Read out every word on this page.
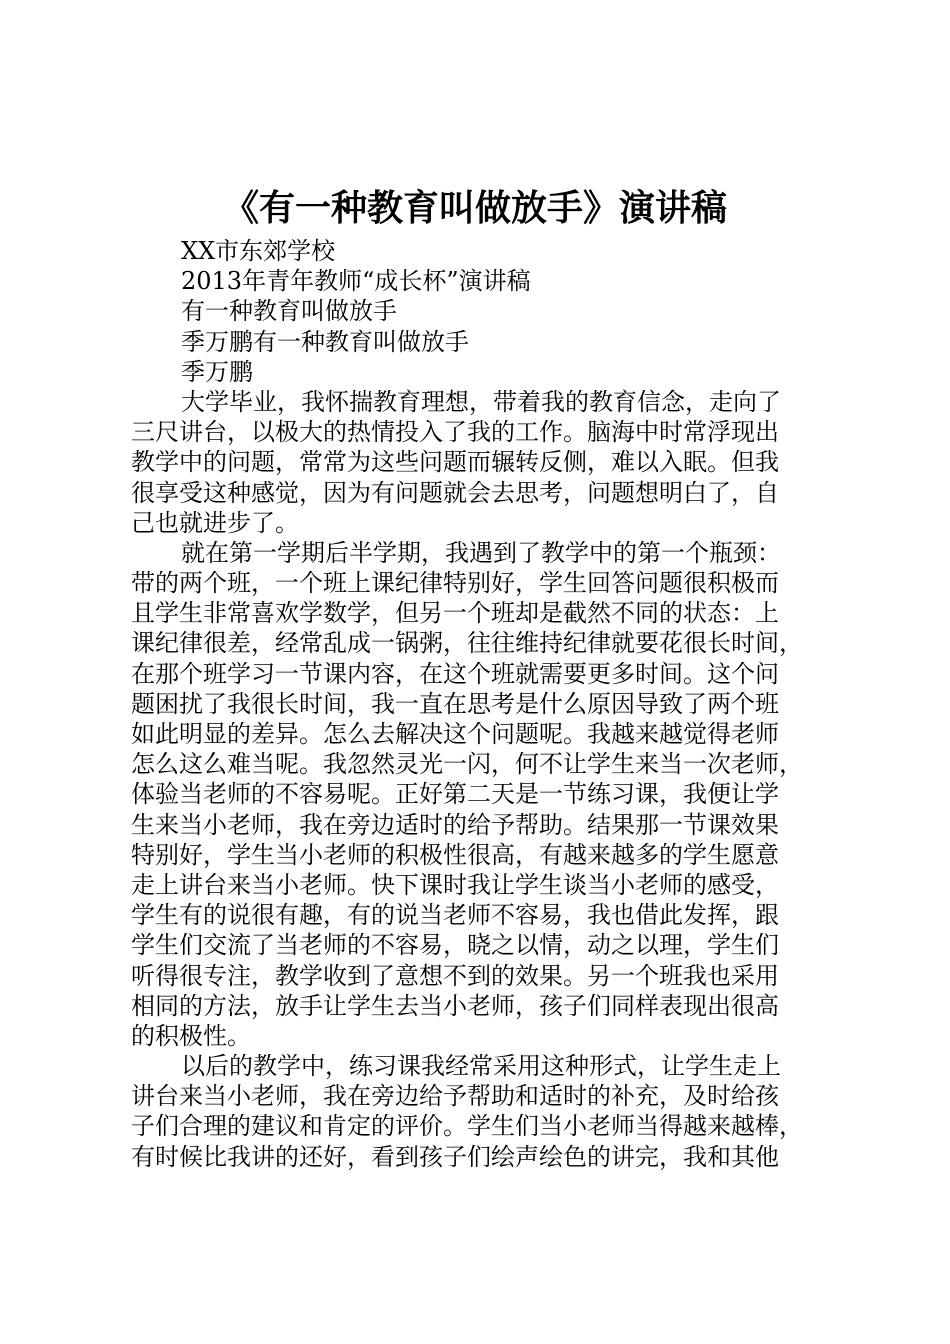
《有一种教育叫做放手》演讲稿
XX市东郊学校
2013年青年教师“成长杯”演讲稿
有一种教育叫做放手
季万鹏有一种教育叫做放手
季万鹏
大学毕业，我怀揣教育理想，带着我的教育信念，走向了
三尺讲台，以极大的热情投入了我的工作。脑海中时常浮现出
教学中的问题，常常为这些问题而辗转反侧，难以入眠。但我
很享受这种感觉，因为有问题就会去思考，问题想明白了，自
己也就进步了。
就在第一学期后半学期，我遇到了教学中的第一个瓶颈：
带的两个班，一个班上课纪律特别好，学生回答问题很积极而
且学生非常喜欢学数学，但另一个班却是截然不同的状态：上
课纪律很差，经常乱成一锅粥，往往维持纪律就要花很长时间，
在那个班学习一节课内容，在这个班就需要更多时间。这个问
题困扰了我很长时间，我一直在思考是什么原因导致了两个班
如此明显的差异。怎么去解决这个问题呢。我越来越觉得老师
怎么这么难当呢。我忽然灵光一闪，何不让学生来当一次老师，
体验当老师的不容易呢。正好第二天是一节练习课，我便让学
生来当小老师，我在旁边适时的给予帮助。结果那一节课效果
特别好，学生当小老师的积极性很高，有越来越多的学生愿意
走上讲台来当小老师。快下课时我让学生谈当小老师的感受，
学生有的说很有趣，有的说当老师不容易，我也借此发挥，跟
学生们交流了当老师的不容易，晓之以情，动之以理，学生们
听得很专注，教学收到了意想不到的效果。另一个班我也采用
相同的方法，放手让学生去当小老师，孩子们同样表现出很高
的积极性。
以后的教学中，练习课我经常采用这种形式，让学生走上
讲台来当小老师，我在旁边给予帮助和适时的补充，及时给孩
子们合理的建议和肯定的评价。学生们当小老师当得越来越棒，
有时候比我讲的还好，看到孩子们绘声绘色的讲完，我和其他
